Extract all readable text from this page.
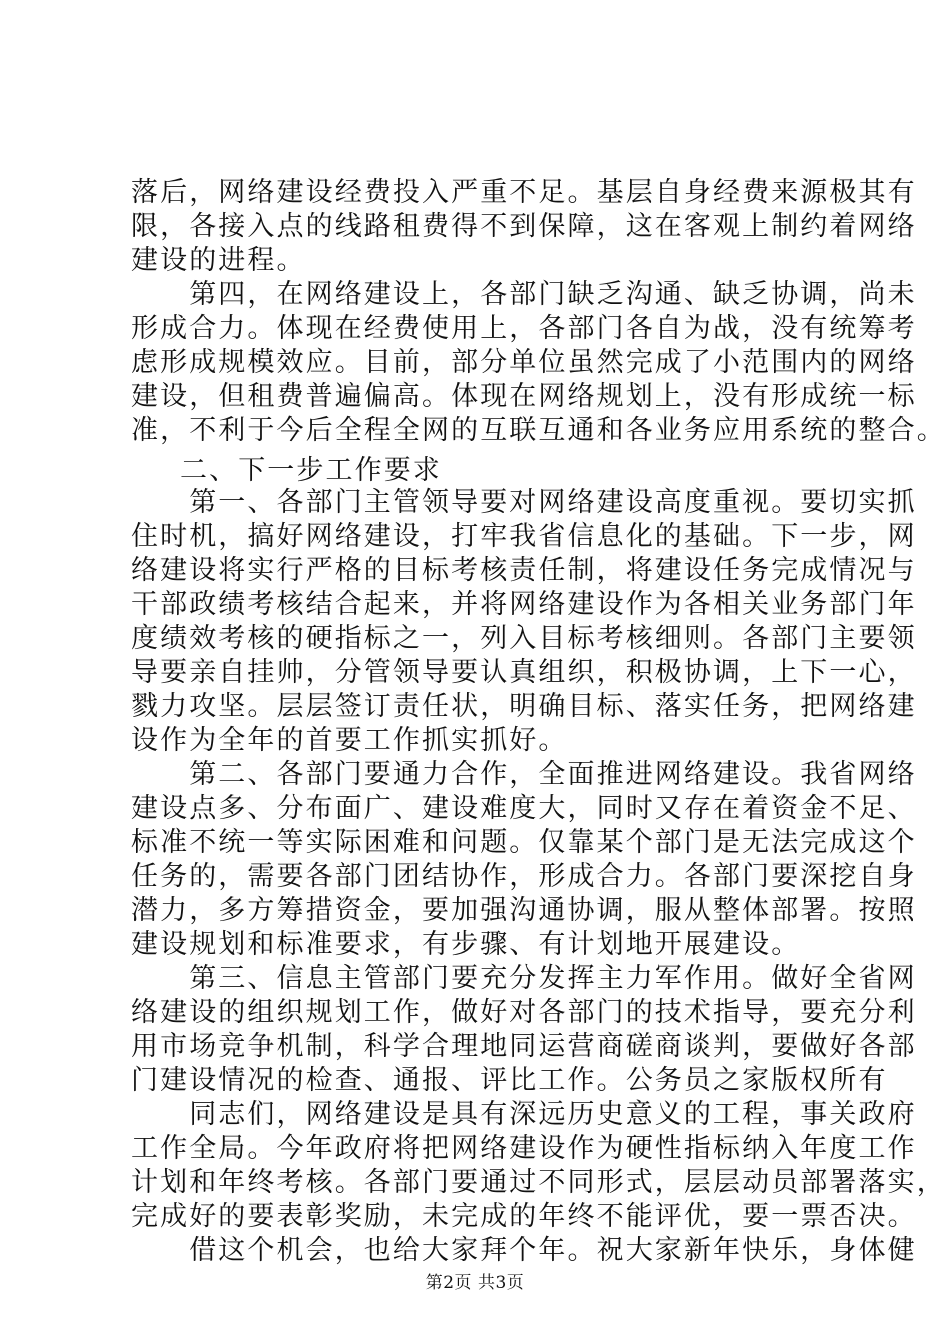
落后，网络建设经费投入严重不足。基层自身经费来源极其有
限，各接入点的线路租费得不到保障，这在客观上制约着网络
建设的进程。
　　第四，在网络建设上，各部门缺乏沟通、缺乏协调，尚未
形成合力。体现在经费使用上，各部门各自为战，没有统筹考
虑形成规模效应。目前，部分单位虽然完成了小范围内的网络
建设，但租费普遍偏高。体现在网络规划上，没有形成统一标
准，不利于今后全程全网的互联互通和各业务应用系统的整合。
二、下一步工作要求
　　第一、各部门主管领导要对网络建设高度重视。要切实抓
住时机，搞好网络建设，打牢我省信息化的基础。下一步，网
络建设将实行严格的目标考核责任制，将建设任务完成情况与
干部政绩考核结合起来，并将网络建设作为各相关业务部门年
度绩效考核的硬指标之一，列入目标考核细则。各部门主要领
导要亲自挂帅，分管领导要认真组织，积极协调，上下一心，
戮力攻坚。层层签订责任状，明确目标、落实任务，把网络建
设作为全年的首要工作抓实抓好。
　　第二、各部门要通力合作，全面推进网络建设。我省网络
建设点多、分布面广、建设难度大，同时又存在着资金不足、
标准不统一等实际困难和问题。仅靠某个部门是无法完成这个
任务的，需要各部门团结协作，形成合力。各部门要深挖自身
潜力，多方筹措资金，要加强沟通协调，服从整体部署。按照
建设规划和标准要求，有步骤、有计划地开展建设。
　　第三、信息主管部门要充分发挥主力军作用。做好全省网
络建设的组织规划工作，做好对各部门的技术指导，要充分利
用市场竞争机制，科学合理地同运营商磋商谈判，要做好各部
门建设情况的检查、通报、评比工作。公务员之家版权所有
　　同志们，网络建设是具有深远历史意义的工程，事关政府
工作全局。今年政府将把网络建设作为硬性指标纳入年度工作
计划和年终考核。各部门要通过不同形式，层层动员部署落实，
完成好的要表彰奖励，未完成的年终不能评优，要一票否决。
　　借这个机会，也给大家拜个年。祝大家新年快乐，身体健
第2页 共3页
